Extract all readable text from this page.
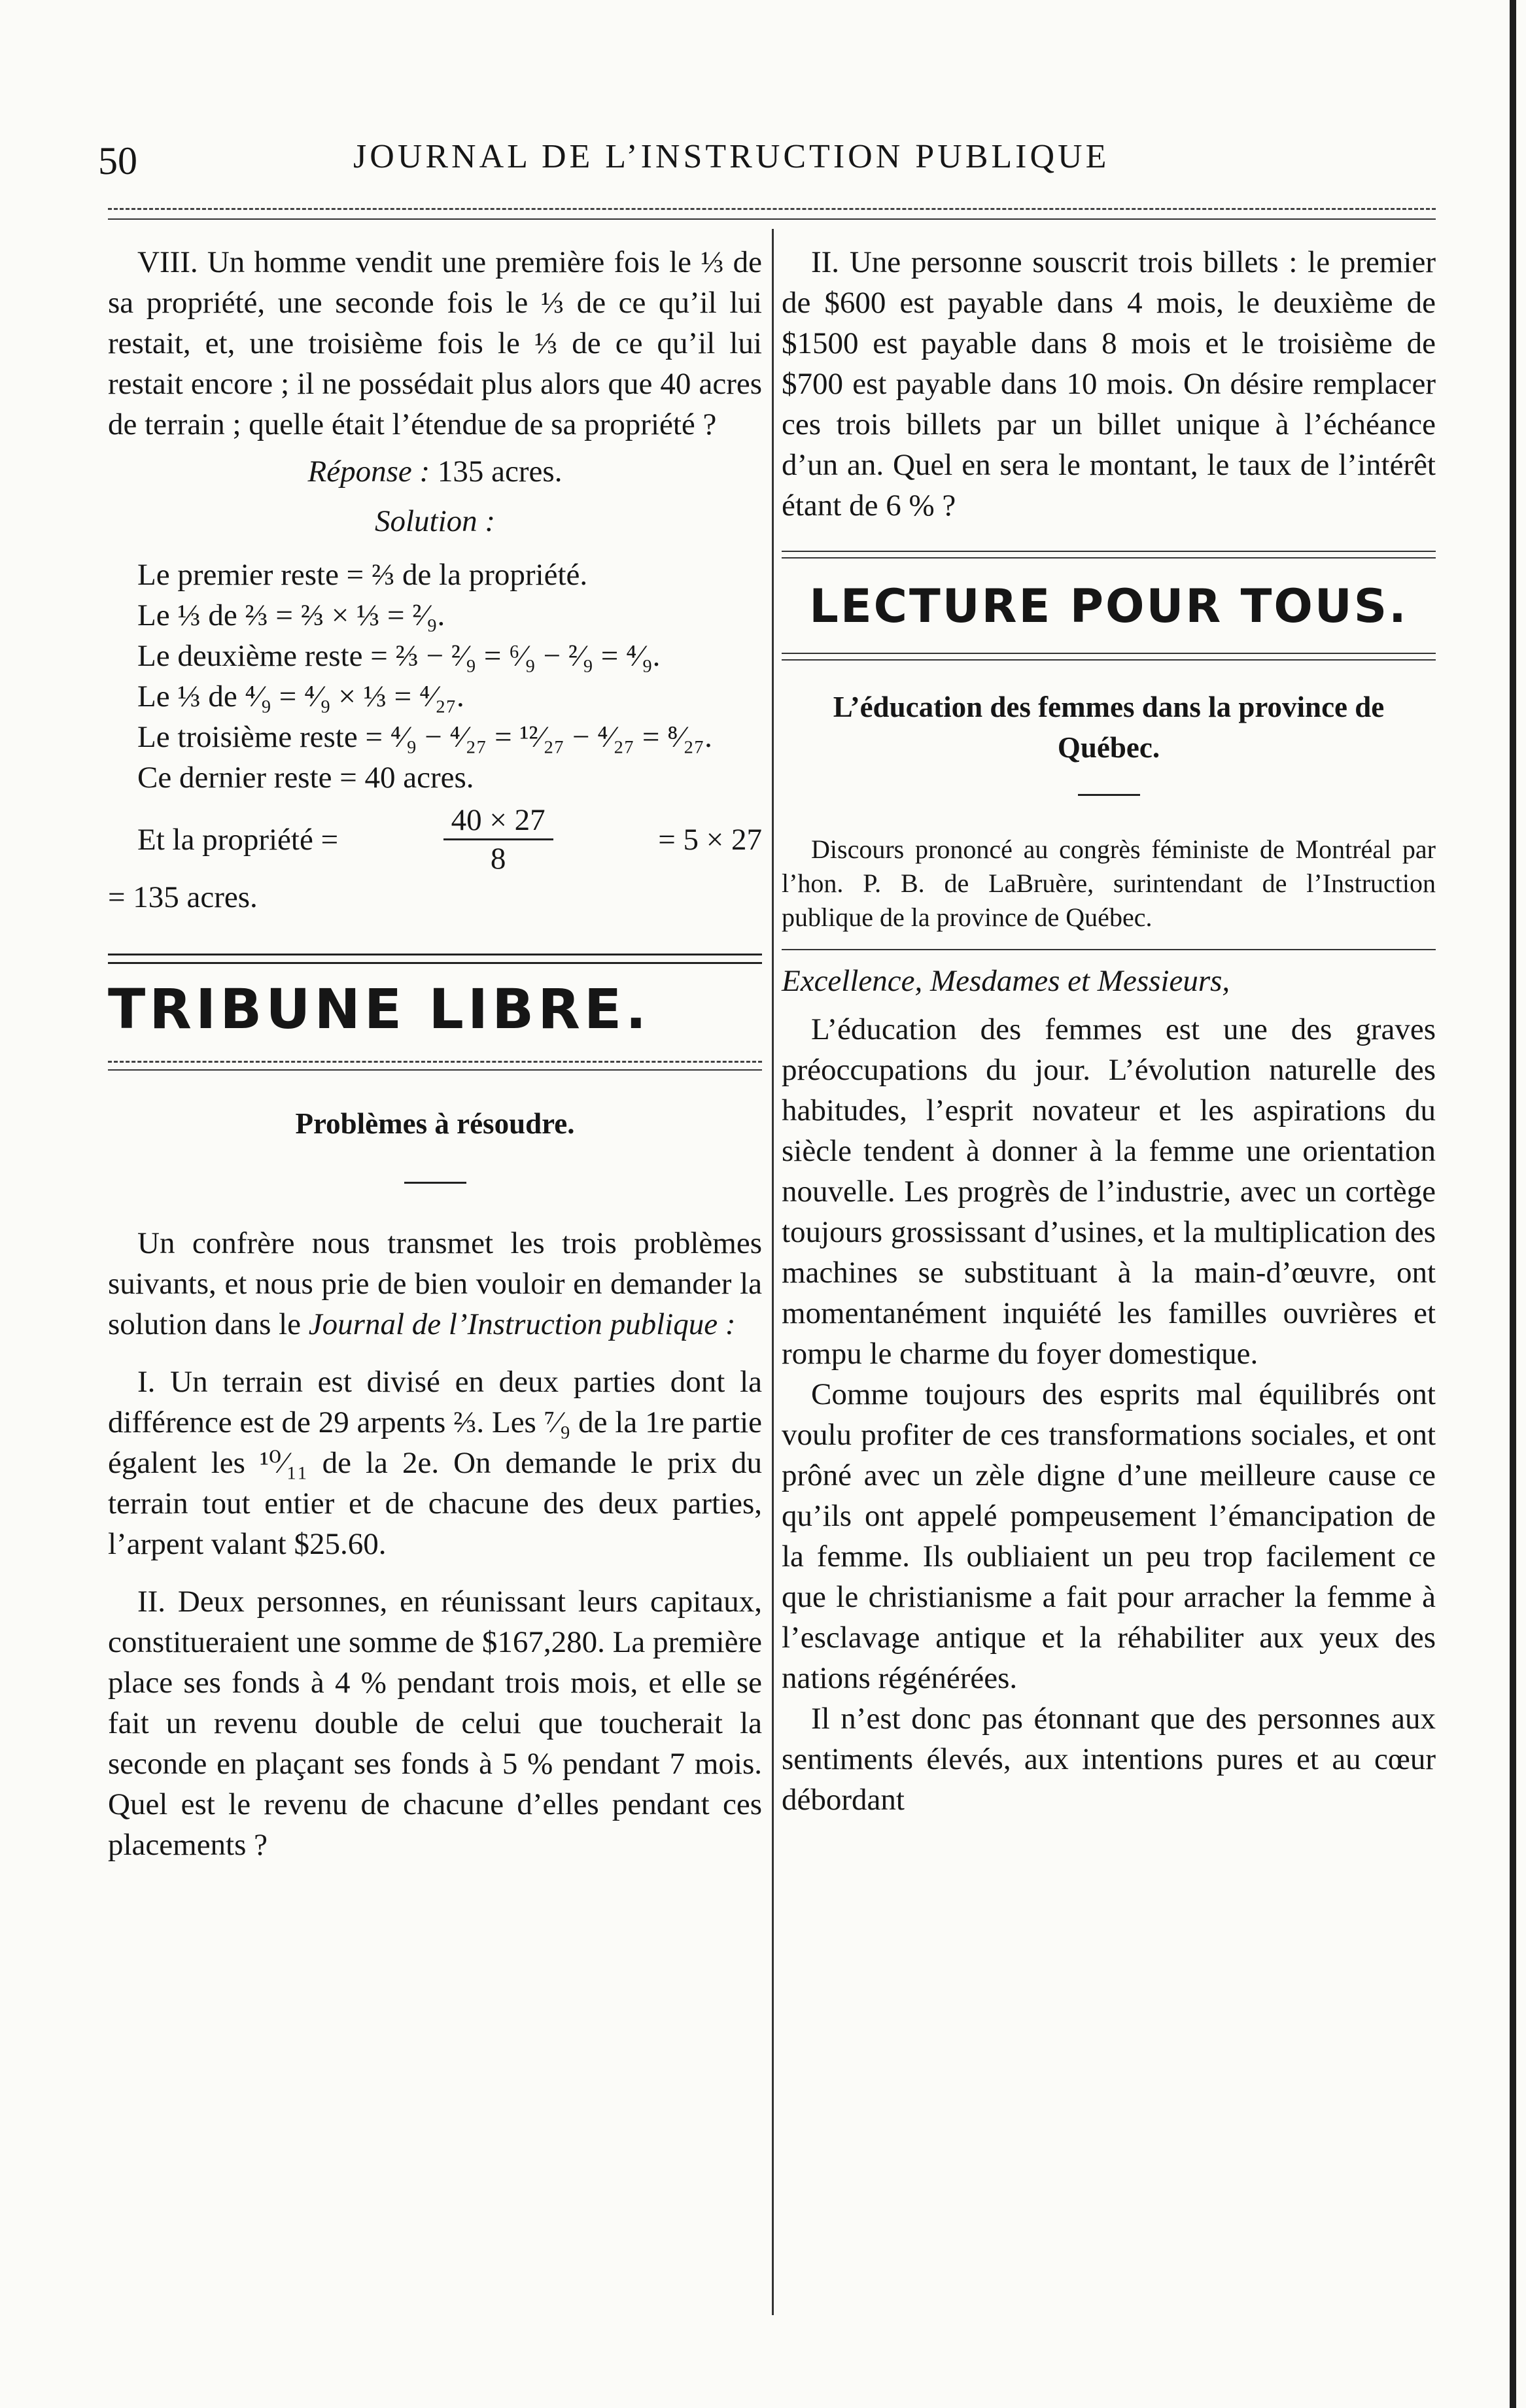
50	JOURNAL DE L’INSTRUCTION PUBLIQUE

VIII. Un homme vendit une première fois le ⅓ de sa propriété, une seconde fois le ⅓ de ce qu’il lui restait, et, une troisième fois le ⅓ de ce qu’il lui restait encore ; il ne possédait plus alors que 40 acres de terrain ; quelle était l’étendue de sa propriété ?

Réponse : 135 acres.

Solution :

Le premier reste = ⅔ de la propriété.

Le ⅓ de ⅔ = ⅔ × ⅓ = ²⁄₉.

Le deuxième reste = ⅔ − ²⁄₉ = ⁶⁄₉ − ²⁄₉ = ⁴⁄₉.

Le ⅓ de ⁴⁄₉ = ⁴⁄₉ × ⅓ = ⁴⁄₂₇.

Le troisième reste = ⁴⁄₉ − ⁴⁄₂₇ = ¹²⁄₂₇ − ⁴⁄₂₇ = ⁸⁄₂₇.

Ce dernier reste = 40 acres.

Et la propriété =	$\frac{40 \times 27}{8}$	= 5 × 27

= 135 acres.

TRIBUNE LIBRE.

Problèmes à résoudre.

Un confrère nous transmet les trois problèmes suivants, et nous prie de bien vouloir en demander la solution dans le Journal de l’Instruction publique :

I. Un terrain est divisé en deux parties dont la différence est de 29 arpents ⅔. Les ⁷⁄₉ de la 1re partie égalent les ¹⁰⁄₁₁ de la 2e. On demande le prix du terrain tout entier et de chacune des deux parties, l’arpent valant $25.60.

II. Deux personnes, en réunissant leurs capitaux, constitueraient une somme de $167,280. La première place ses fonds à 4 % pendant trois mois, et elle se fait un revenu double de celui que toucherait la seconde en plaçant ses fonds à 5 % pendant 7 mois. Quel est le revenu de chacune d’elles pendant ces placements ?

II. Une personne souscrit trois billets : le premier de $600 est payable dans 4 mois, le deuxième de $1500 est payable dans 8 mois et le troisième de $700 est payable dans 10 mois. On désire remplacer ces trois billets par un billet unique à l’échéance d’un an. Quel en sera le montant, le taux de l’intérêt étant de 6 % ?

LECTURE POUR TOUS.

L’éducation des femmes dans la province de Québec.

Discours prononcé au congrès féministe de Montréal par l’hon. P. B. de LaBruère, surintendant de l’Instruction publique de la province de Québec.

Excellence, Mesdames et Messieurs,

L’éducation des femmes est une des graves préoccupations du jour. L’évolution naturelle des habitudes, l’esprit novateur et les aspirations du siècle tendent à donner à la femme une orientation nouvelle. Les progrès de l’industrie, avec un cortège toujours grossissant d’usines, et la multiplication des machines se substituant à la main-d’œuvre, ont momentanément inquiété les familles ouvrières et rompu le charme du foyer domestique.

Comme toujours des esprits mal équilibrés ont voulu profiter de ces transformations sociales, et ont prôné avec un zèle digne d’une meilleure cause ce qu’ils ont appelé pompeusement l’émancipation de la femme. Ils oubliaient un peu trop facilement ce que le christianisme a fait pour arracher la femme à l’esclavage antique et la réhabiliter aux yeux des nations régénérées.

Il n’est donc pas étonnant que des personnes aux sentiments élevés, aux intentions pures et au cœur débordant
